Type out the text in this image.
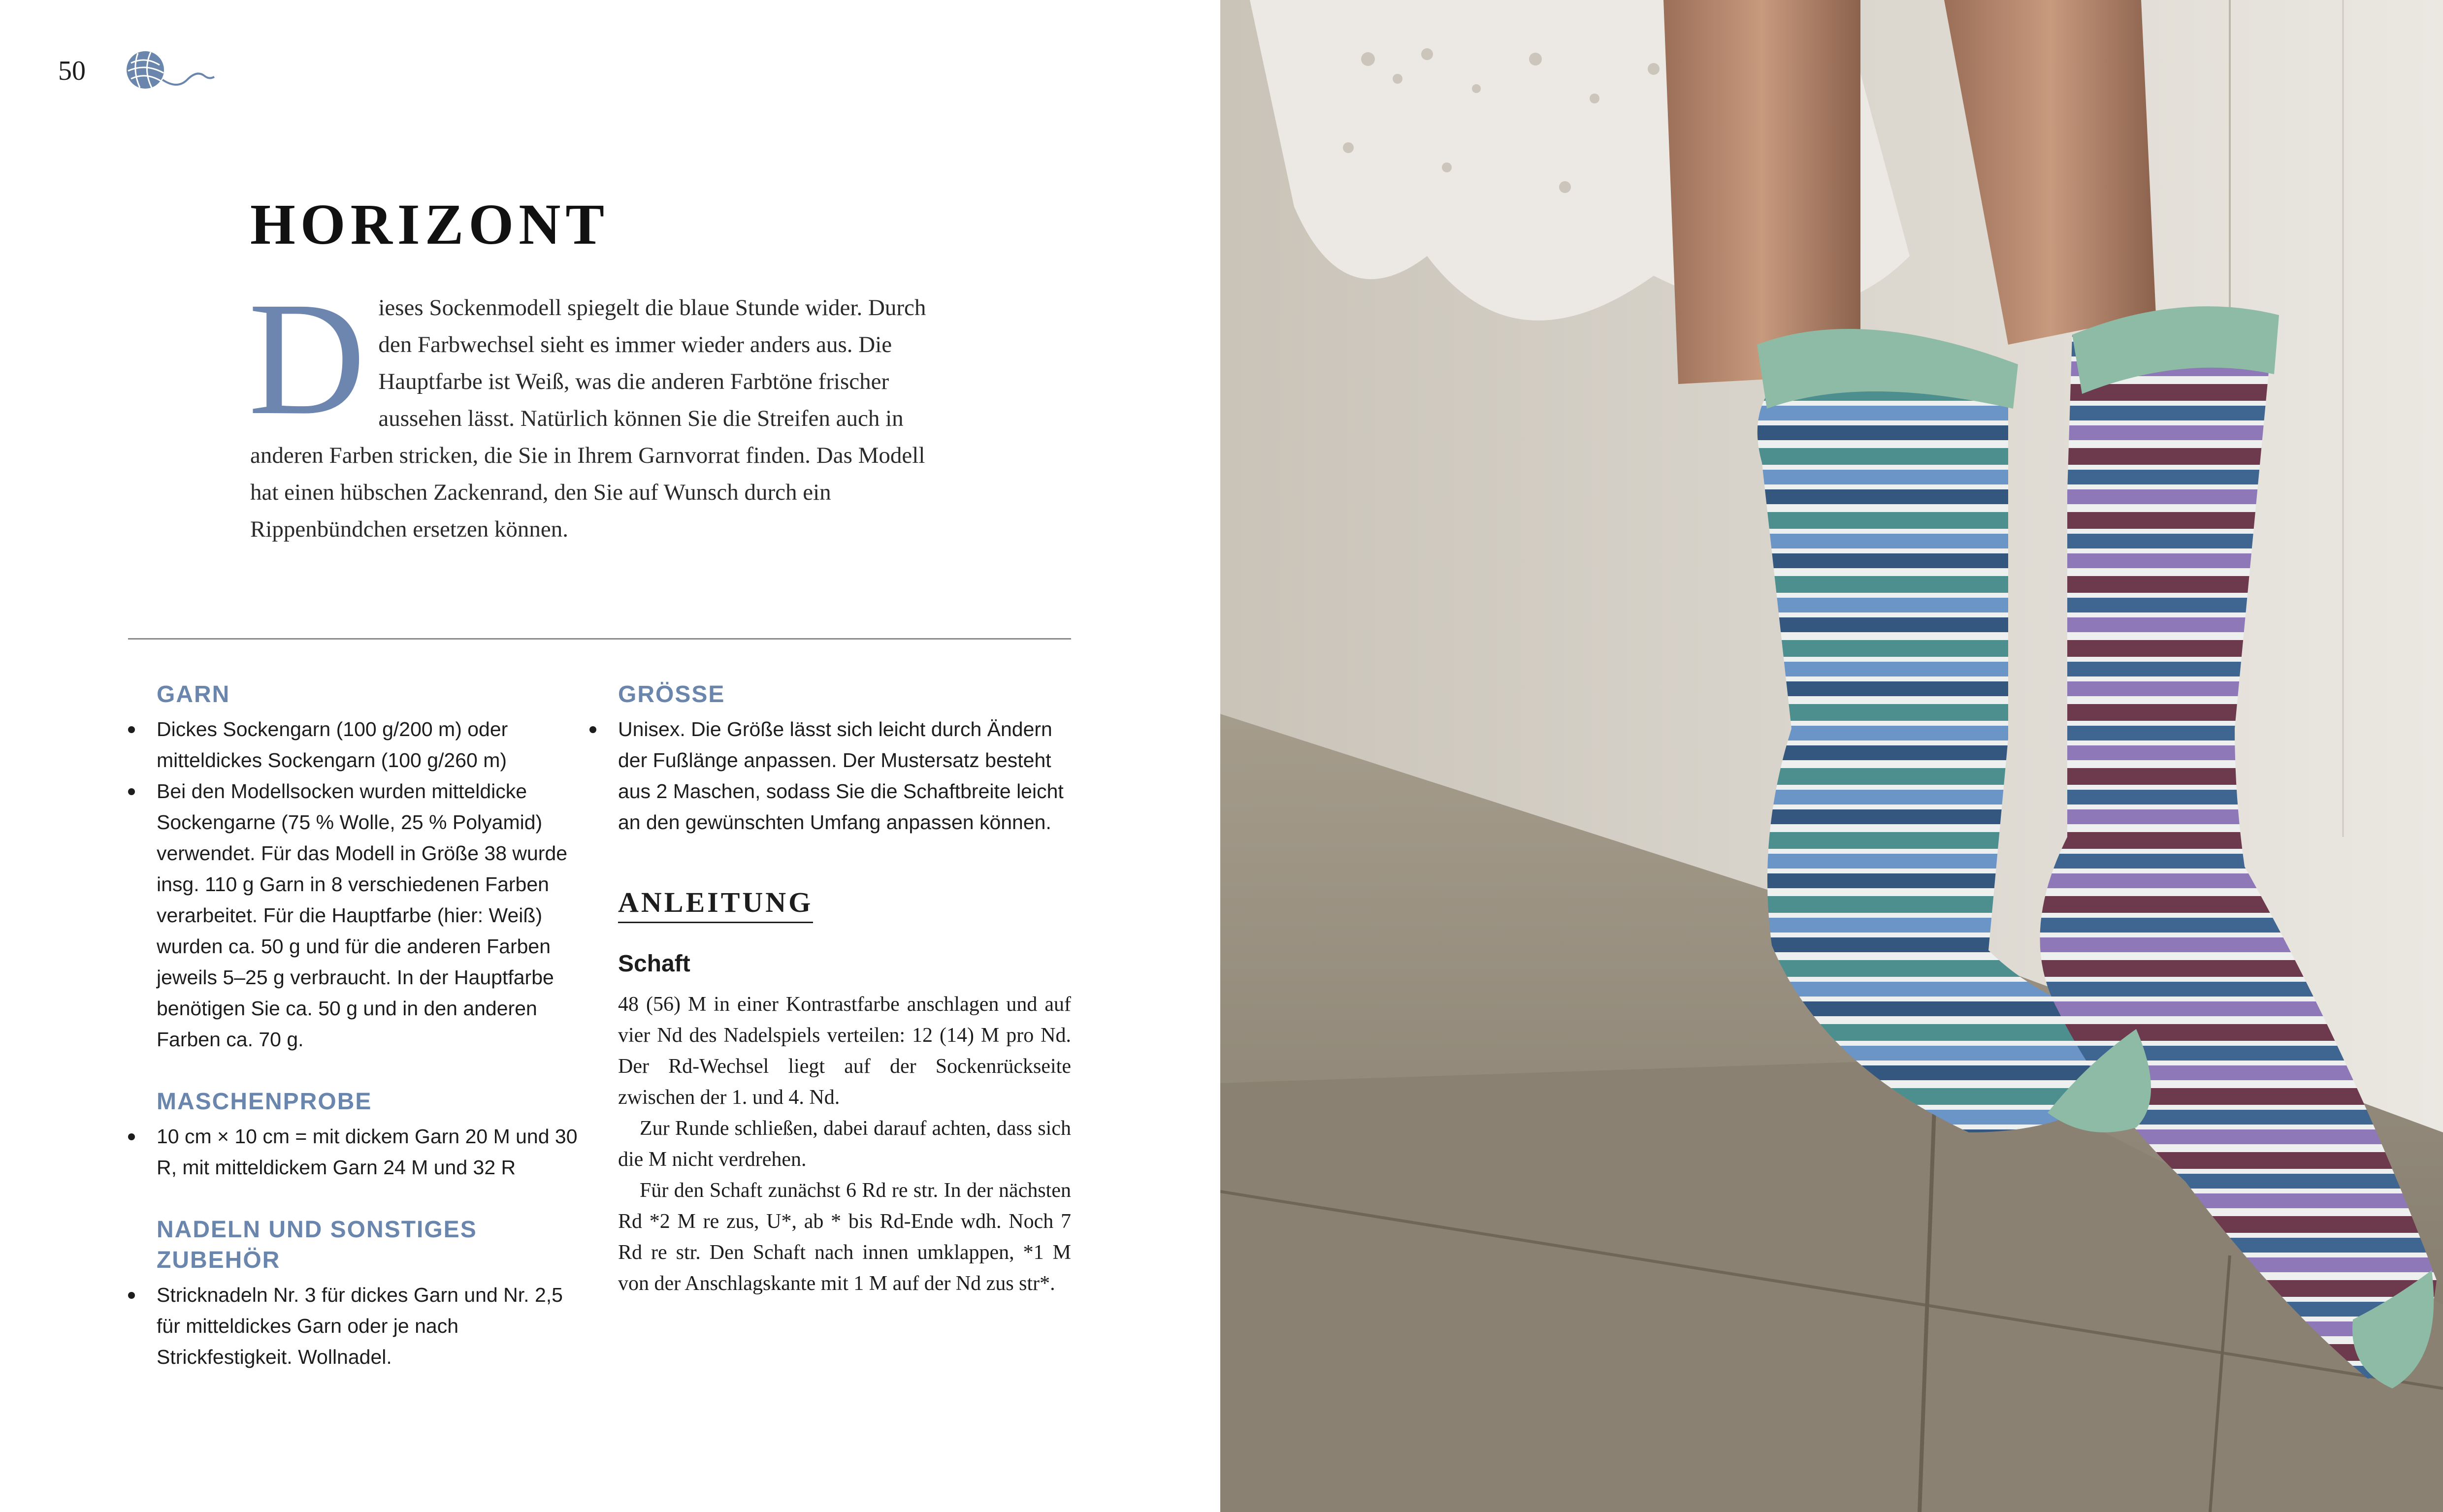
50
HORIZONT

Dieses Sockenmodell spiegelt die blaue Stunde wider. Durch den Farbwechsel sieht es immer wieder anders aus. Die Hauptfarbe ist Weiß, was die anderen Farbtöne frischer aussehen lässt. Natürlich können Sie die Streifen auch in anderen Farben stricken, die Sie in Ihrem Garnvorrat finden. Das Modell hat einen hübschen Zackenrand, den Sie auf Wunsch durch ein Rippenbündchen ersetzen können.

GARN
Dickes Sockengarn (100 g/200 m) oder mitteldickes Sockengarn (100 g/260 m)
Bei den Modellsocken wurden mitteldicke Sockengarne (75 % Wolle, 25 % Polyamid) verwendet. Für das Modell in Größe 38 wurde insg. 110 g Garn in 8 verschiedenen Farben verarbeitet. Für die Hauptfarbe (hier: Weiß) wurden ca. 50 g und für die anderen Farben jeweils 5–25 g verbraucht. In der Hauptfarbe benötigen Sie ca. 50 g und in den anderen Farben ca. 70 g.
MASCHENPROBE
10 cm × 10 cm = mit dickem Garn 20 M und 30 R, mit mitteldickem Garn 24 M und 32 R
NADELN UND SONSTIGES ZUBEHÖR
Stricknadeln Nr. 3 für dickes Garn und Nr. 2,5 für mitteldickes Garn oder je nach Strickfestigkeit. Wollnadel.
GRÖSSE
Unisex. Die Größe lässt sich leicht durch Ändern der Fußlänge anpassen. Der Mustersatz besteht aus 2 Maschen, sodass Sie die Schaftbreite leicht an den gewünschten Umfang anpassen können.
ANLEITUNG
Schaft

48 (56) M in einer Kontrastfarbe anschlagen und auf vier Nd des Nadelspiels verteilen: 12 (14) M pro Nd. Der Rd-Wechsel liegt auf der Sockenrückseite zwischen der 1. und 4. Nd.

Zur Runde schließen, dabei darauf achten, dass sich die M nicht verdrehen.

Für den Schaft zunächst 6 Rd re str. In der nächsten Rd *2 M re zus, U*, ab * bis Rd-Ende wdh. Noch 7 Rd re str. Den Schaft nach innen umklappen, *1 M von der Anschlagskante mit 1 M auf der Nd zus str*.
